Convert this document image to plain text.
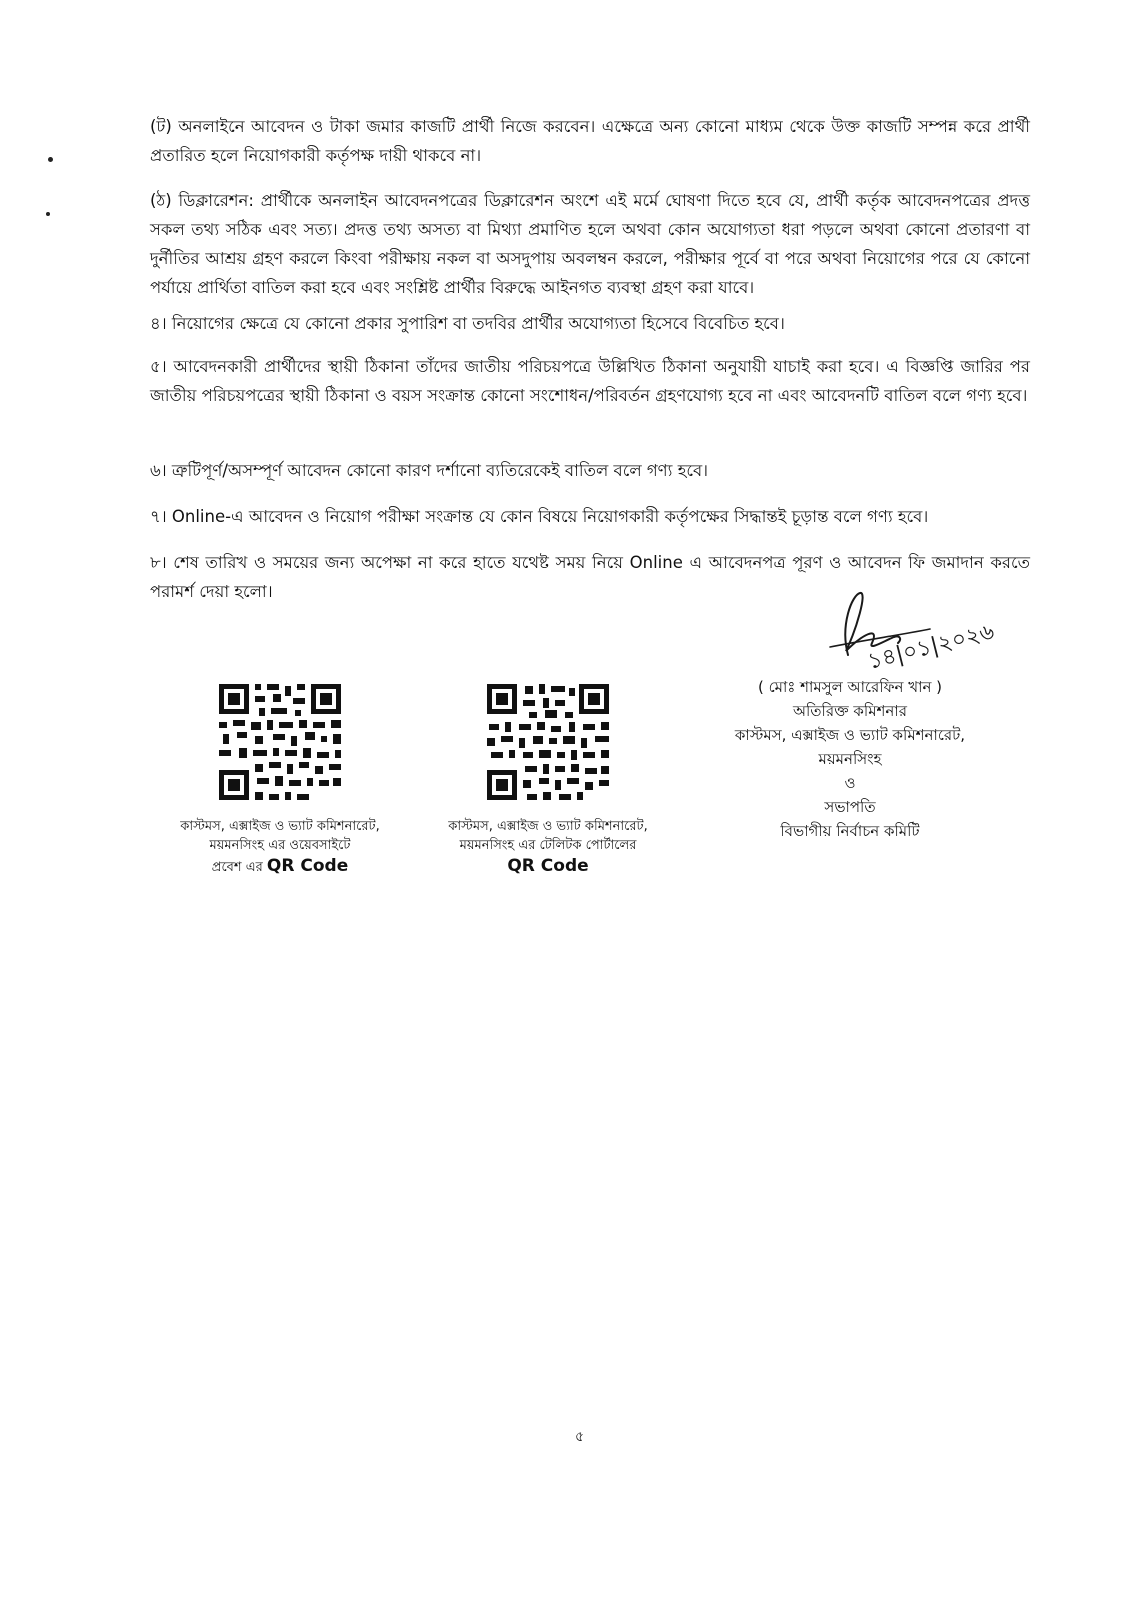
(ট) অনলাইনে আবেদন ও টাকা জমার কাজটি প্রার্থী নিজে করবেন। এক্ষেত্রে অন্য কোনো মাধ্যম থেকে উক্ত কাজটি সম্পন্ন করে প্রার্থী প্রতারিত হলে নিয়োগকারী কর্তৃপক্ষ দায়ী থাকবে না।

(ঠ) ডিক্লারেশন: প্রার্থীকে অনলাইন আবেদনপত্রের ডিক্লারেশন অংশে এই মর্মে ঘোষণা দিতে হবে যে, প্রার্থী কর্তৃক আবেদনপত্রের প্রদত্ত সকল তথ্য সঠিক এবং সত্য। প্রদত্ত তথ্য অসত্য বা মিথ্যা প্রমাণিত হলে অথবা কোন অযোগ্যতা ধরা পড়লে অথবা কোনো প্রতারণা বা দুর্নীতির আশ্রয় গ্রহণ করলে কিংবা পরীক্ষায় নকল বা অসদুপায় অবলম্বন করলে, পরীক্ষার পূর্বে বা পরে অথবা নিয়োগের পরে যে কোনো পর্যায়ে প্রার্থিতা বাতিল করা হবে এবং সংশ্লিষ্ট প্রার্থীর বিরুদ্ধে আইনগত ব্যবস্থা গ্রহণ করা যাবে।

৪। নিয়োগের ক্ষেত্রে যে কোনো প্রকার সুপারিশ বা তদবির প্রার্থীর অযোগ্যতা হিসেবে বিবেচিত হবে।

৫। আবেদনকারী প্রার্থীদের স্থায়ী ঠিকানা তাঁদের জাতীয় পরিচয়পত্রে উল্লিখিত ঠিকানা অনুযায়ী যাচাই করা হবে। এ বিজ্ঞপ্তি জারির পর জাতীয় পরিচয়পত্রের স্থায়ী ঠিকানা ও বয়স সংক্রান্ত কোনো সংশোধন/পরিবর্তন গ্রহণযোগ্য হবে না এবং আবেদনটি বাতিল বলে গণ্য হবে।

৬। ত্রুটিপূর্ণ/অসম্পূর্ণ আবেদন কোনো কারণ দর্শানো ব্যতিরেকেই বাতিল বলে গণ্য হবে।

৭। Online-এ আবেদন ও নিয়োগ পরীক্ষা সংক্রান্ত যে কোন বিষয়ে নিয়োগকারী কর্তৃপক্ষের সিদ্ধান্তই চূড়ান্ত বলে গণ্য হবে।

৮। শেষ তারিখ ও সময়ের জন্য অপেক্ষা না করে হাতে যথেষ্ট সময় নিয়ে Online এ আবেদনপত্র পূরণ ও আবেদন ফি জমাদান করতে পরামর্শ দেয়া হলো।

১৪|০১|২০২৬
( মোঃ শামসুল আরেফিন খান )
অতিরিক্ত কমিশনার
কাস্টমস, এক্সাইজ ও ভ্যাট কমিশনারেট,
ময়মনসিংহ
ও
সভাপতি
বিভাগীয় নির্বাচন কমিটি
কাস্টমস, এক্সাইজ ও ভ্যাট কমিশনারেট,
ময়মনসিংহ এর ওয়েবসাইটে
প্রবেশ এর QR Code
কাস্টমস, এক্সাইজ ও ভ্যাট কমিশনারেট,
ময়মনসিংহ এর টেলিটক পোর্টালের
QR Code
৫
